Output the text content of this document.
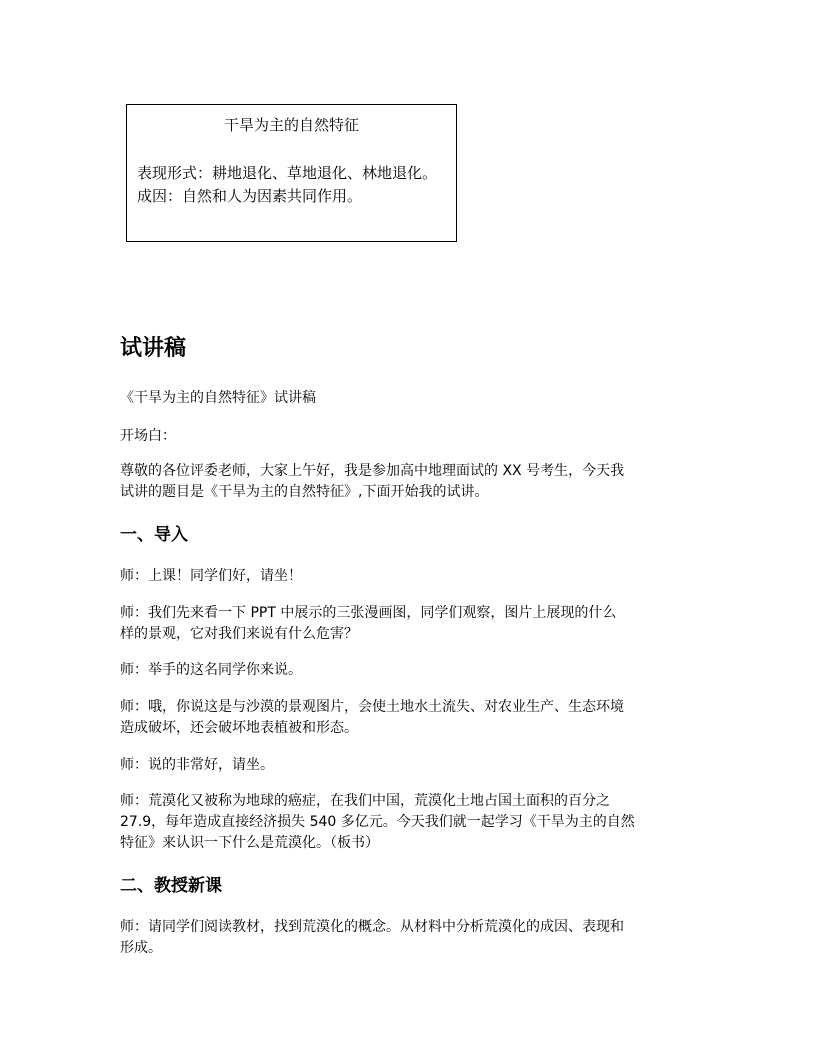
干旱为主的自然特征
表现形式：耕地退化、草地退化、林地退化。
成因：自然和人为因素共同作用。
试讲稿
《干旱为主的自然特征》试讲稿
开场白：
尊敬的各位评委老师，大家上午好，我是参加高中地理面试的 XX 号考生，今天我
试讲的题目是《干旱为主的自然特征》,下面开始我的试讲。
一、导入
师：上课！同学们好，请坐！
师：我们先来看一下 PPT 中展示的三张漫画图，同学们观察，图片上展现的什么
样的景观，它对我们来说有什么危害？
师：举手的这名同学你来说。
师：哦，你说这是与沙漠的景观图片，会使土地水土流失、对农业生产、生态环境
造成破坏，还会破坏地表植被和形态。
师：说的非常好，请坐。
师：荒漠化又被称为地球的癌症，在我们中国，荒漠化土地占国土面积的百分之
27.9，每年造成直接经济损失 540 多亿元。今天我们就一起学习《干旱为主的自然
特征》来认识一下什么是荒漠化。（板书）
二、教授新课
师：请同学们阅读教材，找到荒漠化的概念。从材料中分析荒漠化的成因、表现和
形成。
